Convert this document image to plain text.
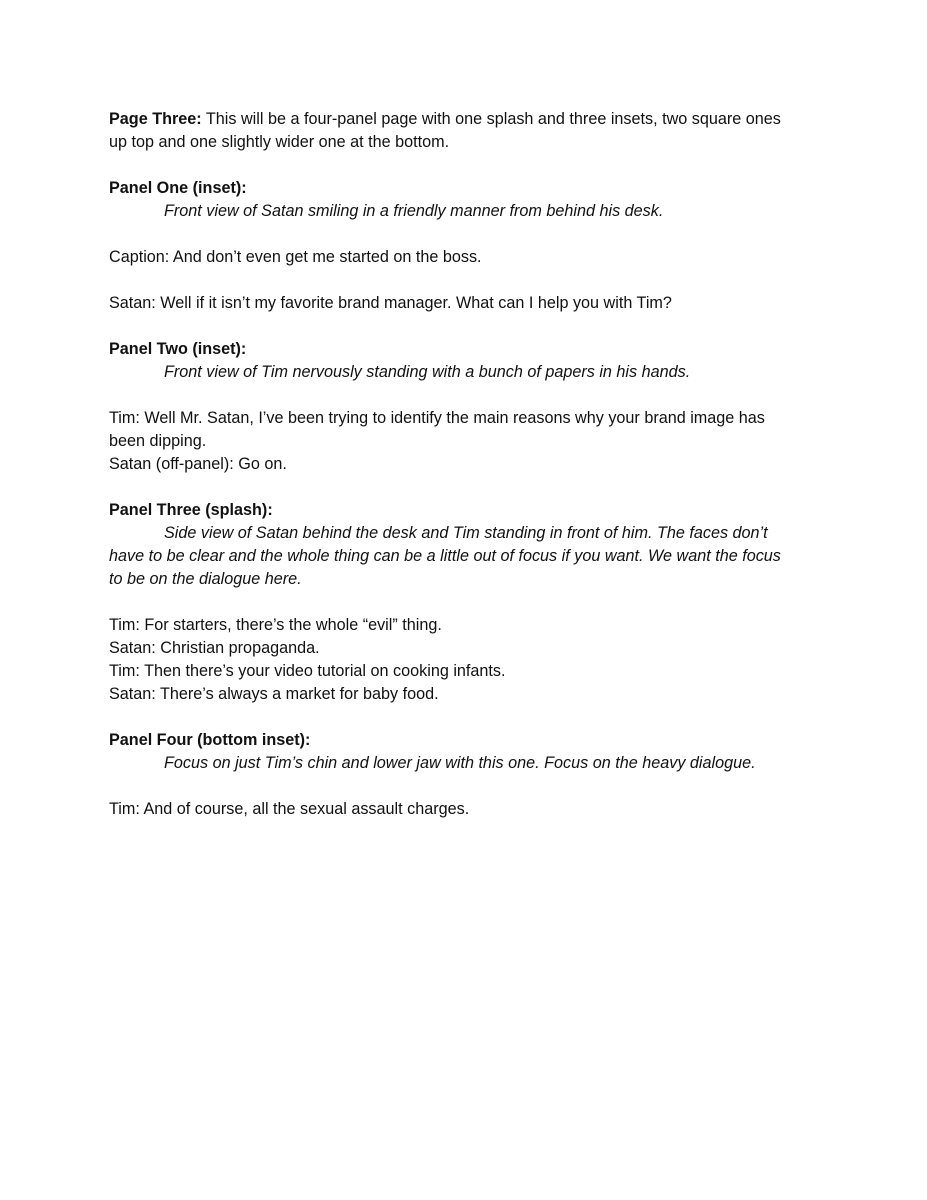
Page Three: This will be a four-panel page with one splash and three insets, two square ones
up top and one slightly wider one at the bottom.
Panel One (inset):
Front view of Satan smiling in a friendly manner from behind his desk.
Caption: And don’t even get me started on the boss.
Satan: Well if it isn’t my favorite brand manager. What can I help you with Tim?
Panel Two (inset):
Front view of Tim nervously standing with a bunch of papers in his hands.
Tim: Well Mr. Satan, I’ve been trying to identify the main reasons why your brand image has
been dipping.
Satan (off-panel): Go on.
Panel Three (splash):
Side view of Satan behind the desk and Tim standing in front of him. The faces don’t
have to be clear and the whole thing can be a little out of focus if you want. We want the focus
to be on the dialogue here.
Tim: For starters, there’s the whole “evil” thing.
Satan: Christian propaganda.
Tim: Then there’s your video tutorial on cooking infants.
Satan: There’s always a market for baby food.
Panel Four (bottom inset):
Focus on just Tim’s chin and lower jaw with this one. Focus on the heavy dialogue.
Tim: And of course, all the sexual assault charges.
